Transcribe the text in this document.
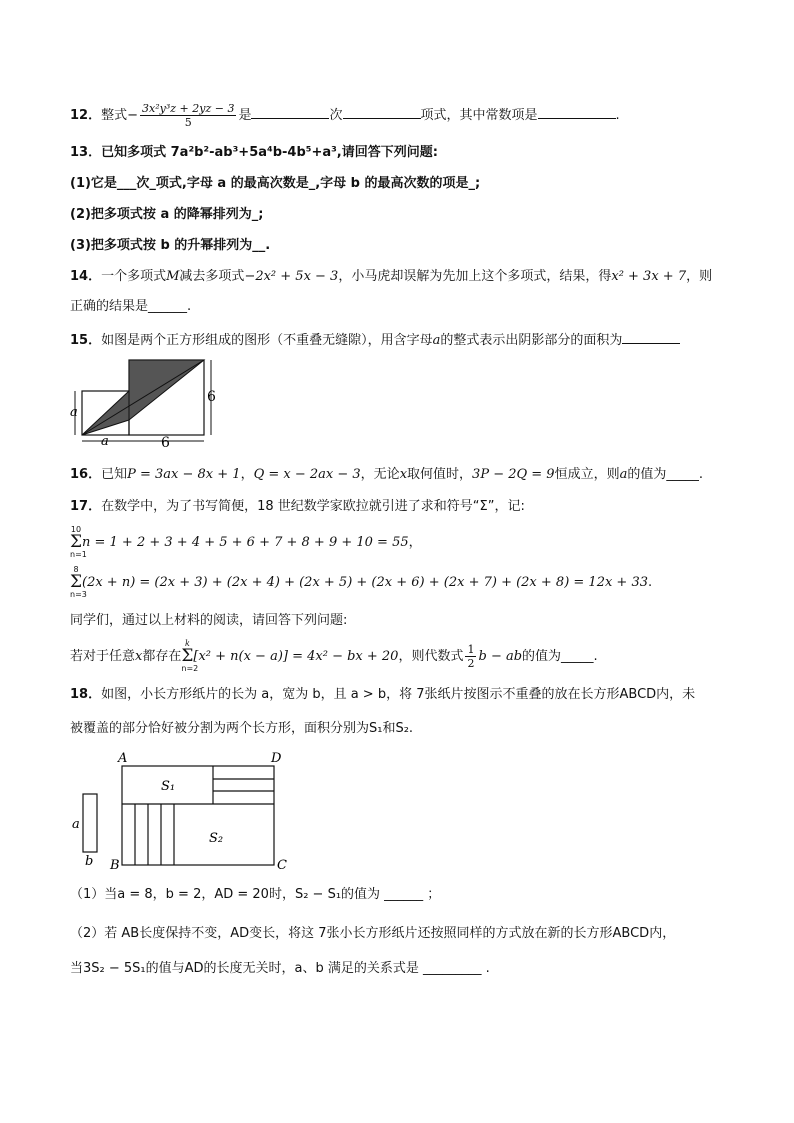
12．整式− $\frac{\text{3x²y³z + 2yz − 3}}{5}$ 是	次	项式，其中常数项是	.
13．已知多项式 7a²b²-ab³+5a⁴b-4b⁵+a³,请回答下列问题:
(1)它是___次_项式,字母 a 的最高次数是_,字母 b 的最高次数的项是_;
(2)把多项式按 a 的降幂排列为_;
(3)把多项式按 b 的升幂排列为__.
14．一个多项式M减去多项式−2x² + 5x − 3，小马虎却误解为先加上这个多项式，结果，得x² + 3x + 7，则
正确的结果是______.
15．如图是两个正方形组成的图形（不重叠无缝隙），用含字母a的整式表示出阴影部分的面积为
a
a	6
6
16．已知P = 3ax − 8x + 1，Q = x − 2ax − 3，无论x取何值时，3P − 2Q = 9恒成立，则a的值为_____.
17．在数学中，为了书写简便，18 世纪数学家欧拉就引进了求和符号“Σ”，记:
10
Σ
n=1
n = 1 + 2 + 3 + 4 + 5 + 6 + 7 + 8 + 9 + 10 = 55，
8
Σ
n=3
(2x + n) = (2x + 3) + (2x + 4) + (2x + 5) + (2x + 6) + (2x + 7) + (2x + 8) = 12x + 33.
同学们，通过以上材料的阅读，请回答下列问题:
若对于任意x都存在
k
Σ
n=2
[x² + n(x − a)] = 4x² − bx + 20，则代数式 $\frac{1}{2}$ b − ab的值为_____.
18．如图，小长方形纸片的长为 a，宽为 b，且 a > b，将 7张纸片按图示不重叠的放在长方形ABCD内，未
被覆盖的部分恰好被分割为两个长方形，面积分别为S₁和S₂.
a
b
A	D
B	C
S₁
S₂
（1）当a = 8，b = 2，AD = 20时，S₂ − S₁的值为 ______ ；
（2）若 AB长度保持不变，AD变长，将这 7张小长方形纸片还按照同样的方式放在新的长方形ABCD内，
当3S₂ − 5S₁的值与AD的长度无关时，a、b 满足的关系式是 _________ .
